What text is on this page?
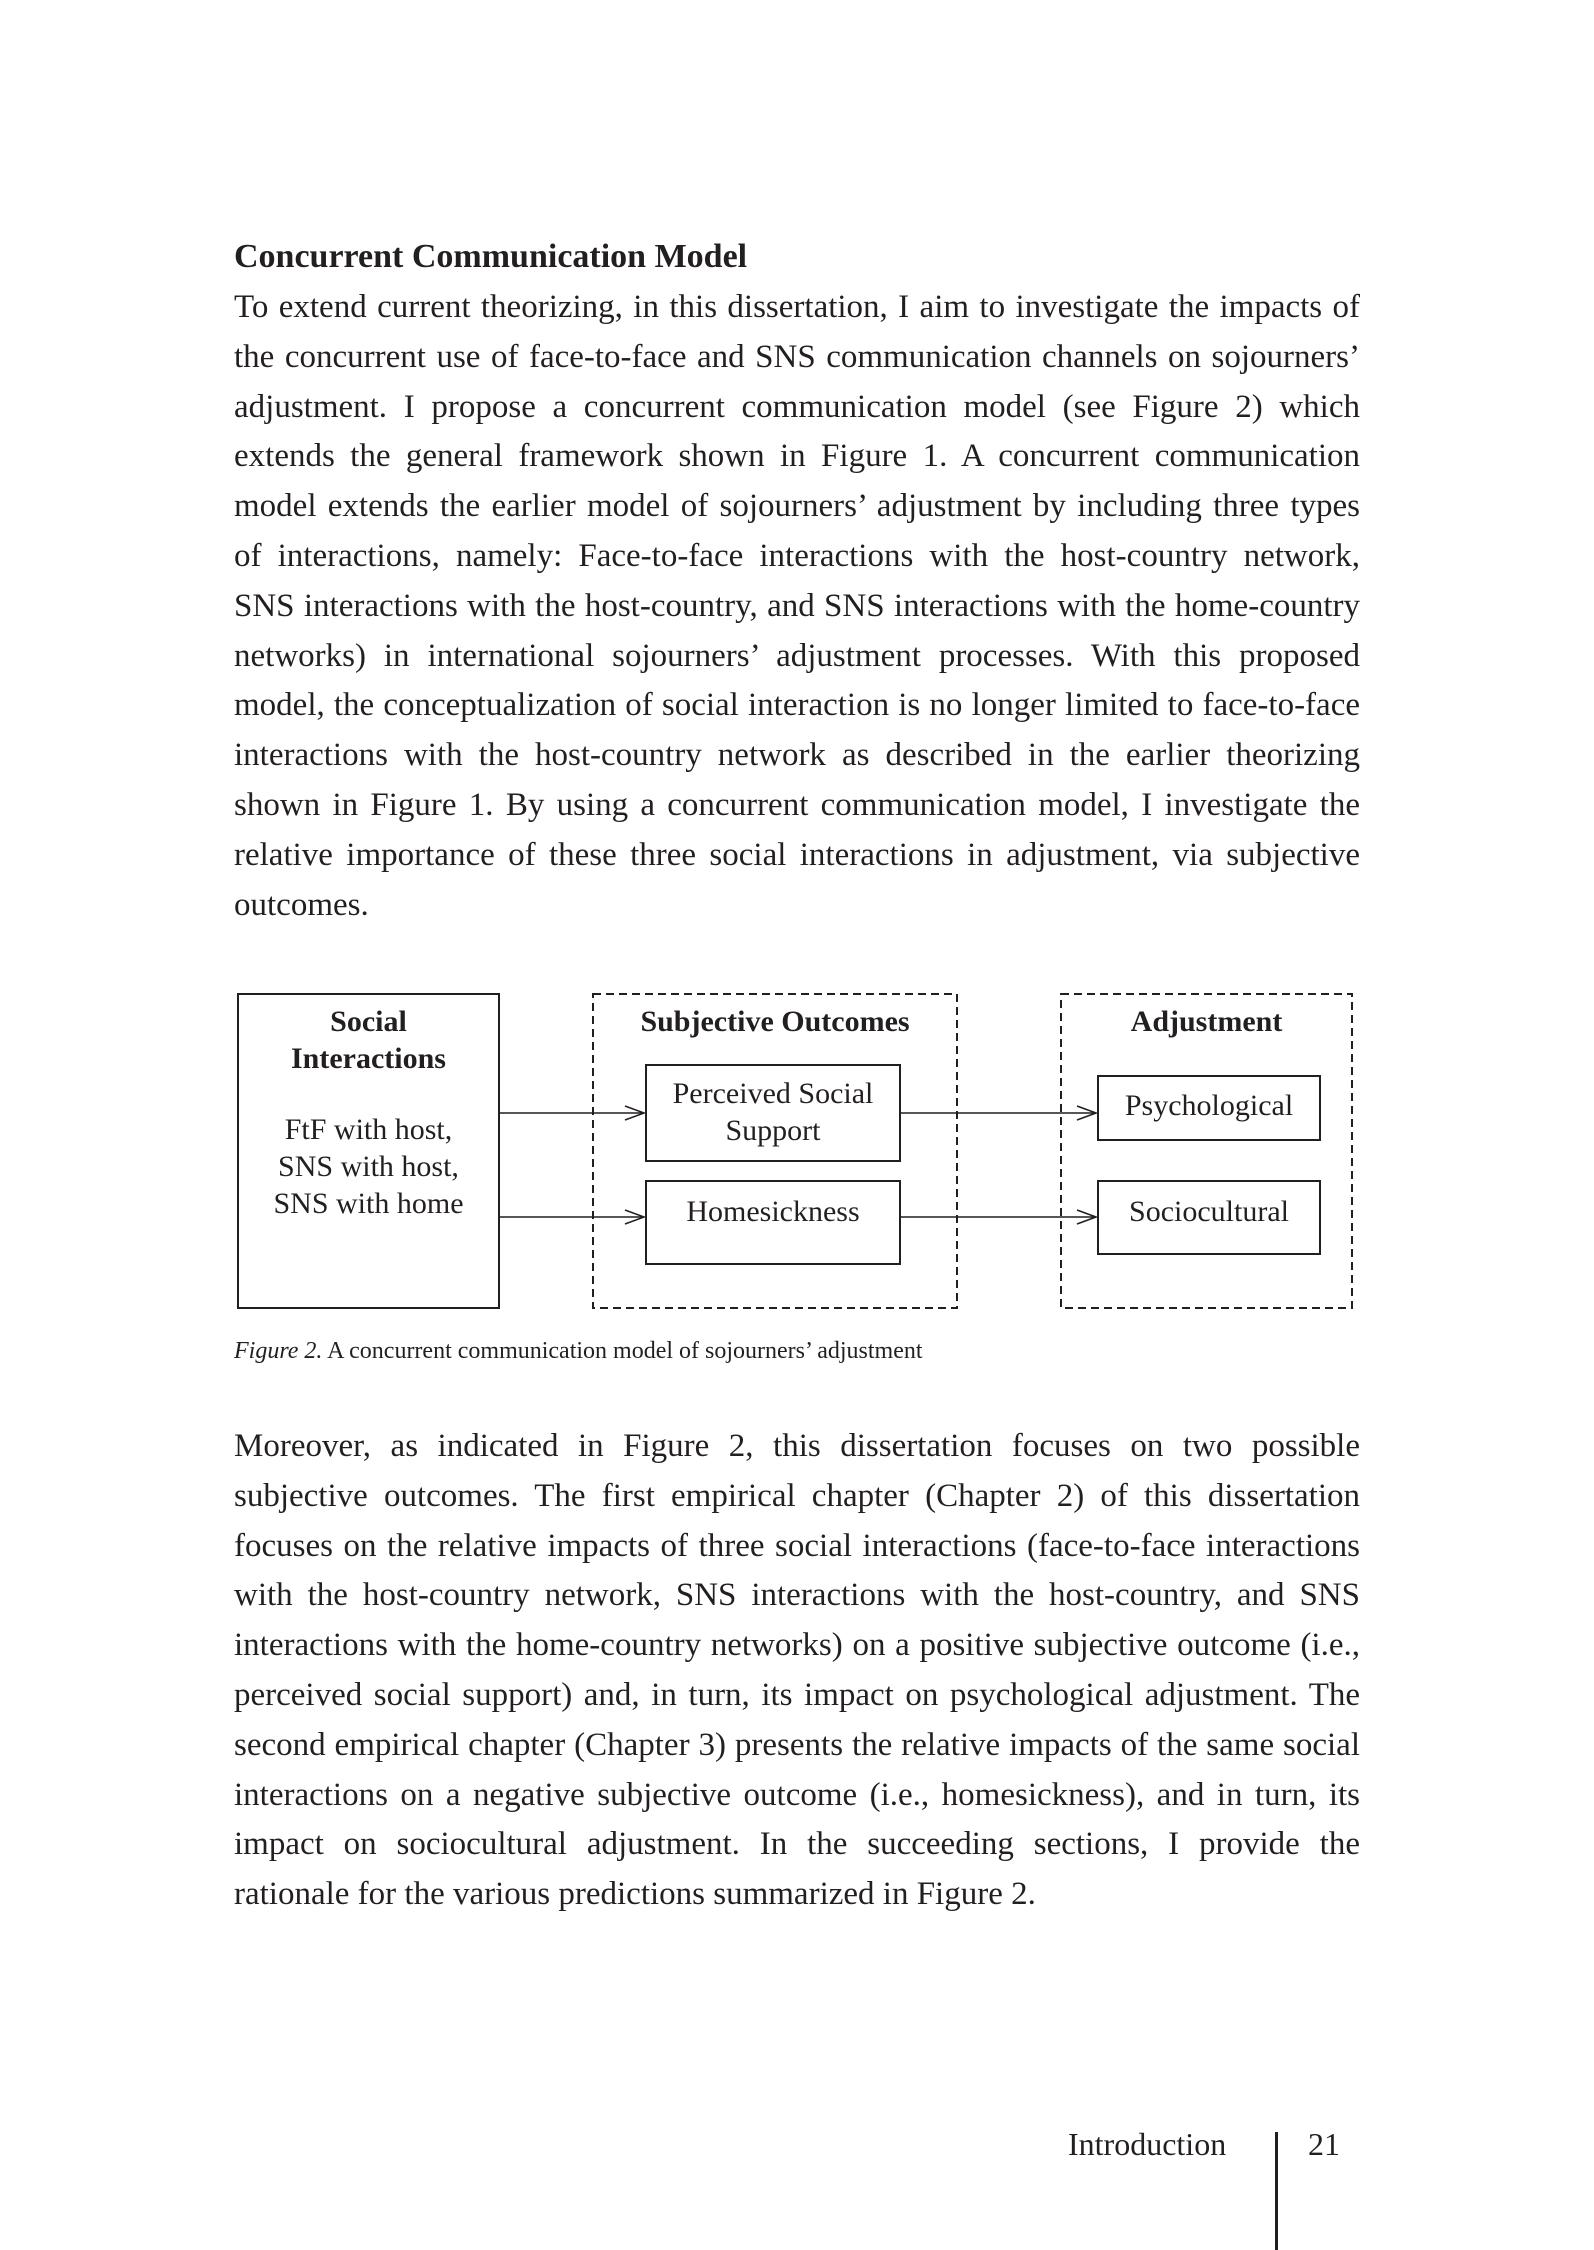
Concurrent Communication Model

To extend current theorizing, in this dissertation, I aim to investigate the impacts of the concurrent use of face-to-face and SNS communication channels on sojourners’ adjustment. I propose a concurrent communication model (see Figure 2) which extends the general framework shown in Figure 1. A concurrent communication model extends the earlier model of sojourners’ adjustment by including three types of interactions, namely: Face-to-face interactions with the host-country network, SNS interactions with the host-country, and SNS interactions with the home-country networks) in international sojourners’ adjustment processes. With this proposed model, the conceptualization of social interaction is no longer limited to face-to-face interactions with the host-country network as described in the earlier theorizing shown in Figure 1. By using a concurrent communication model, I investigate the relative importance of these three social interactions in adjustment, via subjective outcomes.

Social
Interactions
FtF with host,
SNS with host,
SNS with home
Subjective Outcomes
Perceived Social
Support
Homesickness
Adjustment
Psychological
Sociocultural
Figure 2. A concurrent communication model of sojourners’ adjustment

Moreover, as indicated in Figure 2, this dissertation focuses on two possible subjective outcomes. The first empirical chapter (Chapter 2) of this dissertation focuses on the relative impacts of three social interactions (face-to-face interactions with the host-country network, SNS interactions with the host-country, and SNS interactions with the home-country networks) on a positive subjective outcome (i.e., perceived social support) and, in turn, its impact on psychological adjustment. The second empirical chapter (Chapter 3) presents the relative impacts of the same social interactions on a negative subjective outcome (i.e., homesickness), and in turn, its impact on sociocultural adjustment. In the succeeding sections, I provide the rationale for the various predictions summarized in Figure 2.

Introduction	21
